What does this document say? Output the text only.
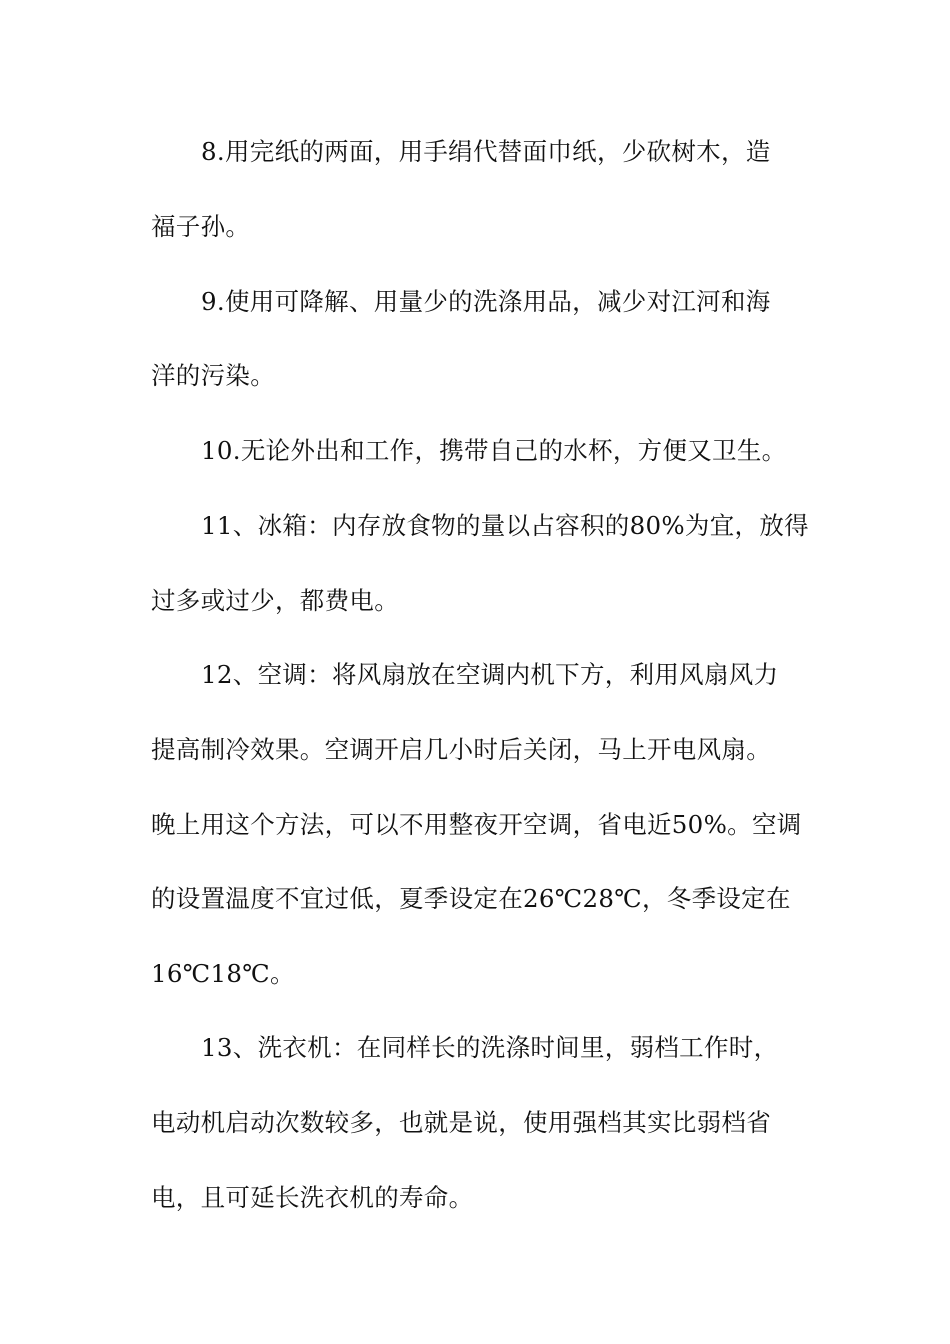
8.用完纸的两面，用手绢代替面巾纸，少砍树木，造
福子孙。
9.使用可降解、用量少的洗涤用品，减少对江河和海
洋的污染。
10.无论外出和工作，携带自己的水杯，方便又卫生。
11、冰箱：内存放食物的量以占容积的80%为宜，放得
过多或过少，都费电。
12、空调：将风扇放在空调内机下方，利用风扇风力
提高制冷效果。空调开启几小时后关闭，马上开电风扇。
晚上用这个方法，可以不用整夜开空调，省电近50%。空调
的设置温度不宜过低，夏季设定在26℃28℃，冬季设定在
16℃18℃。
13、洗衣机：在同样长的洗涤时间里，弱档工作时，
电动机启动次数较多，也就是说，使用强档其实比弱档省
电，且可延长洗衣机的寿命。
